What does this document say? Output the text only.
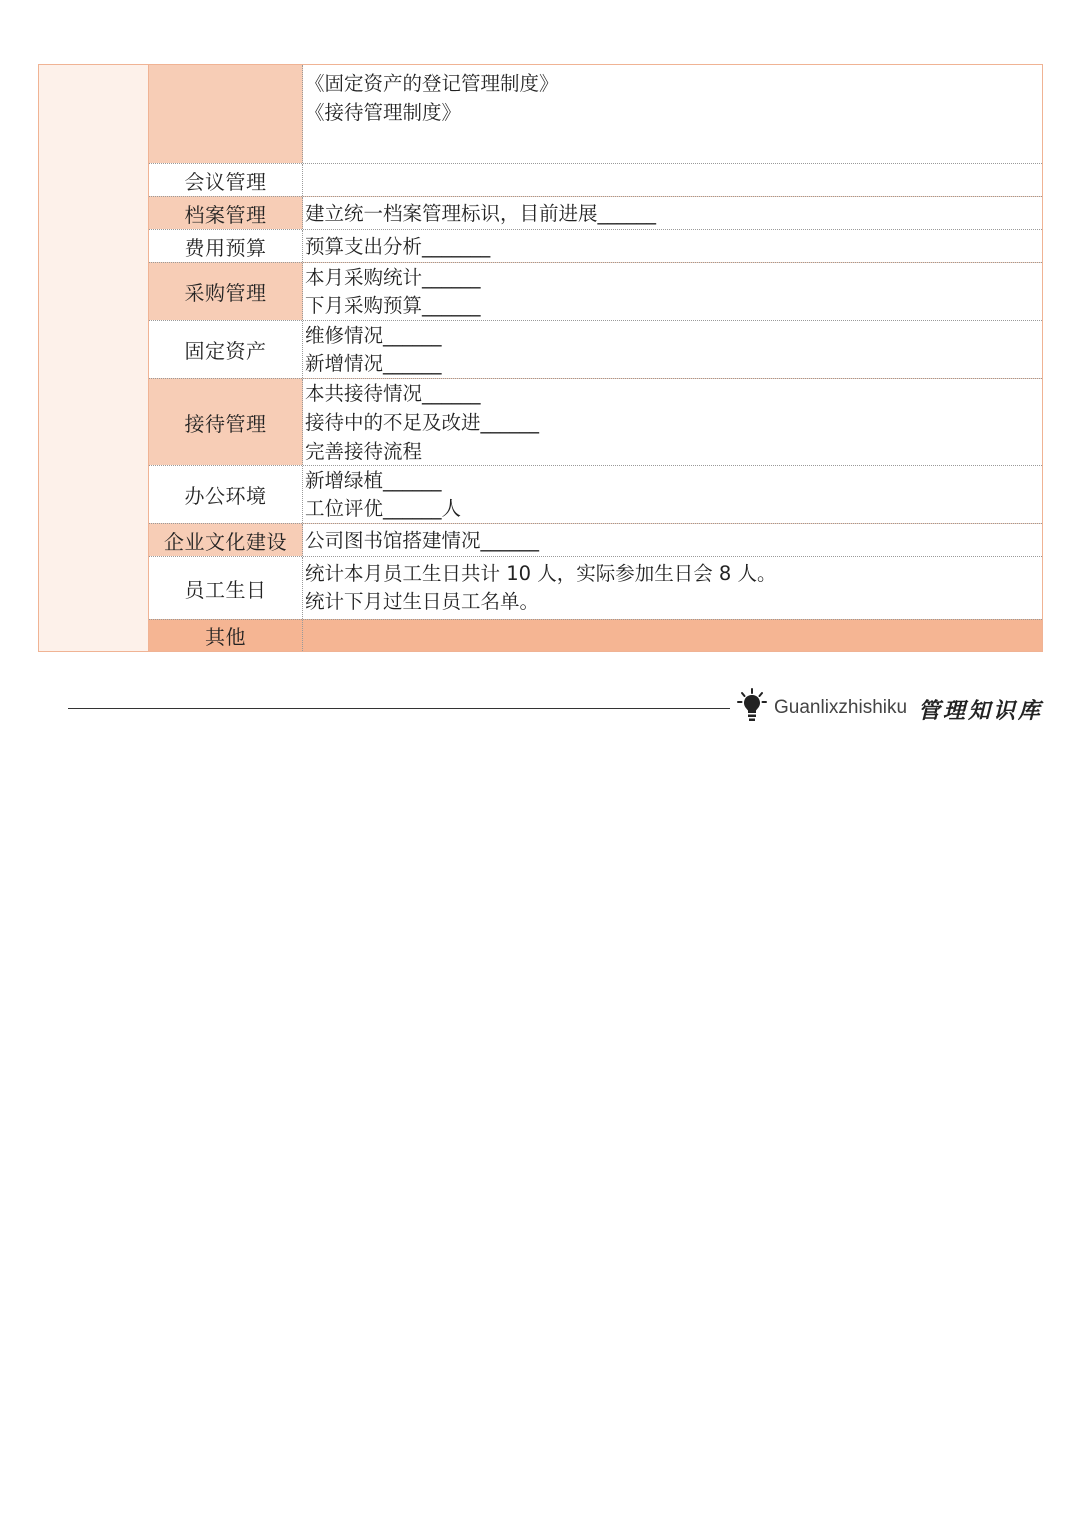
《固定资产的登记管理制度》
《接待管理制度》
会议管理
档案管理	建立统一档案管理标识，目前进展______
费用预算	预算支出分析_______
采购管理
本月采购统计______
下月采购预算______
固定资产
维修情况______
新增情况______
接待管理
本共接待情况______
接待中的不足及改进______
完善接待流程
办公环境
新增绿植______
工位评优______人
企业文化建设 公司图书馆搭建情况______
员工生日
统计本月员工生日共计 10 人，实际参加生日会 8 人。
统计下月过生日员工名单。
其他
Guanlixzhishiku 管理知识库
